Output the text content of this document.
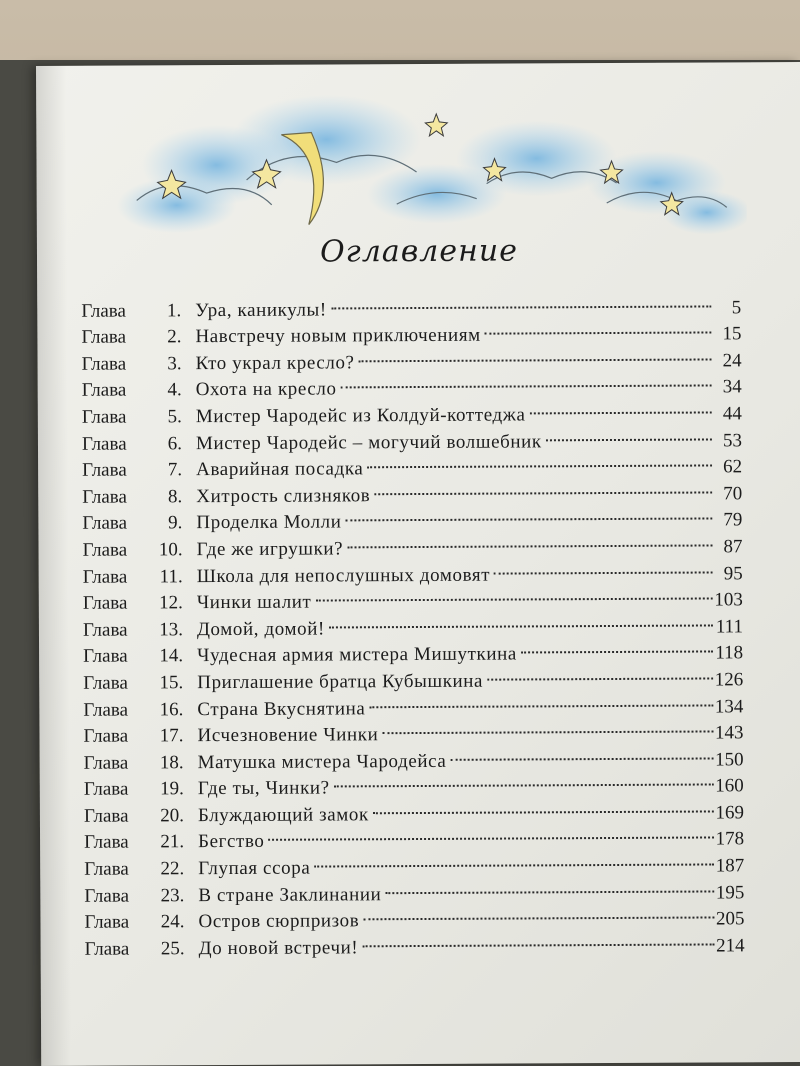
Оглавление
Глава	1. Ура, каникулы!	5
Глава	2. Навстречу новым приключениям	15
Глава	3. Кто украл кресло?	24
Глава	4. Охота на кресло	34
Глава	5. Мистер Чародейс из Колдуй-коттеджа	44
Глава	6. Мистер Чародейс – могучий волшебник	53
Глава	7. Аварийная посадка	62
Глава	8. Хитрость слизняков	70
Глава	9. Проделка Молли	79
Глава	10. Где же игрушки?	87
Глава	11. Школа для непослушных домовят	95
Глава	12. Чинки шалит	103
Глава	13. Домой, домой!	111
Глава	14. Чудесная армия мистера Мишуткина	118
Глава	15. Приглашение братца Кубышкина	126
Глава	16. Страна Вкуснятина	134
Глава	17. Исчезновение Чинки	143
Глава	18. Матушка мистера Чародейса	150
Глава	19. Где ты, Чинки?	160
Глава	20. Блуждающий замок	169
Глава	21. Бегство	178
Глава	22. Глупая ссора	187
Глава	23. В стране Заклинании	195
Глава	24. Остров сюрпризов	205
Глава	25. До новой встречи!	214
